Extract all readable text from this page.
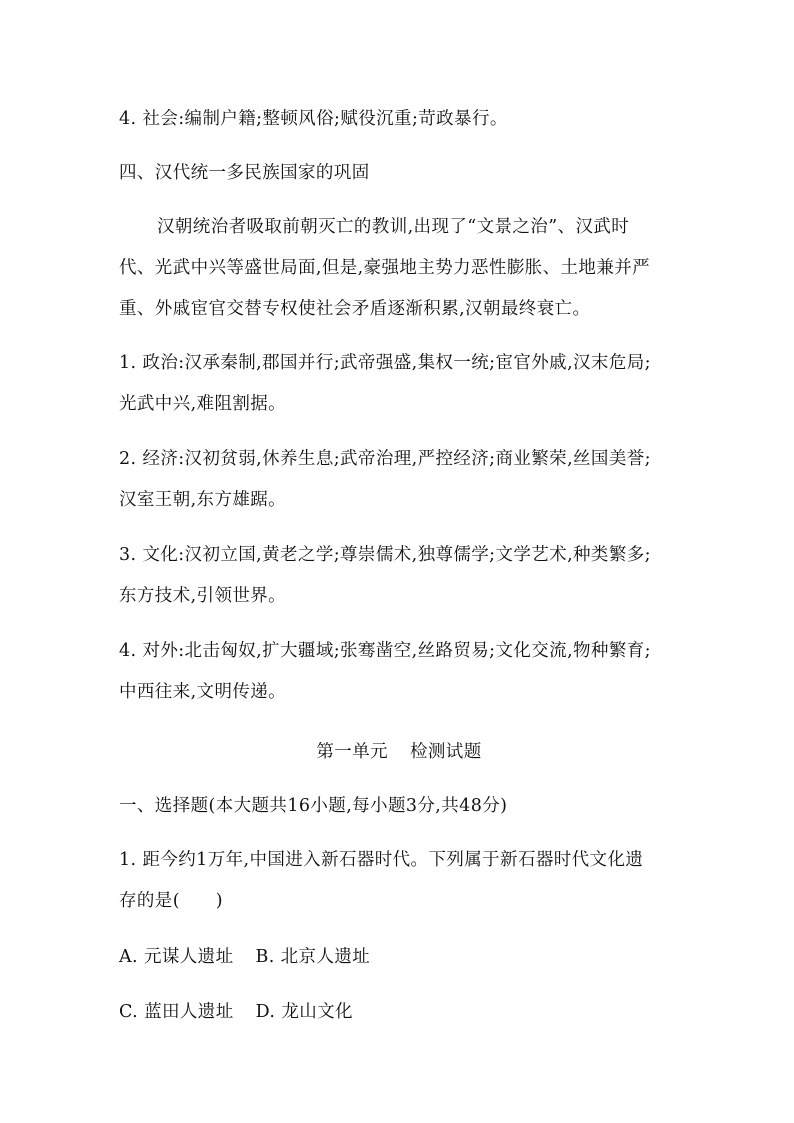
4. 社会:编制户籍;整顿风俗;赋役沉重;苛政暴行。
四、汉代统一多民族国家的巩固
汉朝统治者吸取前朝灭亡的教训,出现了“文景之治”、汉武时
代、光武中兴等盛世局面,但是,豪强地主势力恶性膨胀、土地兼并严
重、外戚宦官交替专权使社会矛盾逐渐积累,汉朝最终衰亡。
1. 政治:汉承秦制,郡国并行;武帝强盛,集权一统;宦官外戚,汉末危局;
光武中兴,难阻割据。
2. 经济:汉初贫弱,休养生息;武帝治理,严控经济;商业繁荣,丝国美誉;
汉室王朝,东方雄踞。
3. 文化:汉初立国,黄老之学;尊崇儒术,独尊儒学;文学艺术,种类繁多;
东方技术,引领世界。
4. 对外:北击匈奴,扩大疆域;张骞凿空,丝路贸易;文化交流,物种繁育;
中西往来,文明传递。
第一单元 检测试题
一、选择题(本大题共16小题,每小题3分,共48分)
1. 距今约1万年,中国进入新石器时代。下列属于新石器时代文化遗
存的是(　　)
A. 元谋人遗址 B. 北京人遗址
C. 蓝田人遗址 D. 龙山文化
